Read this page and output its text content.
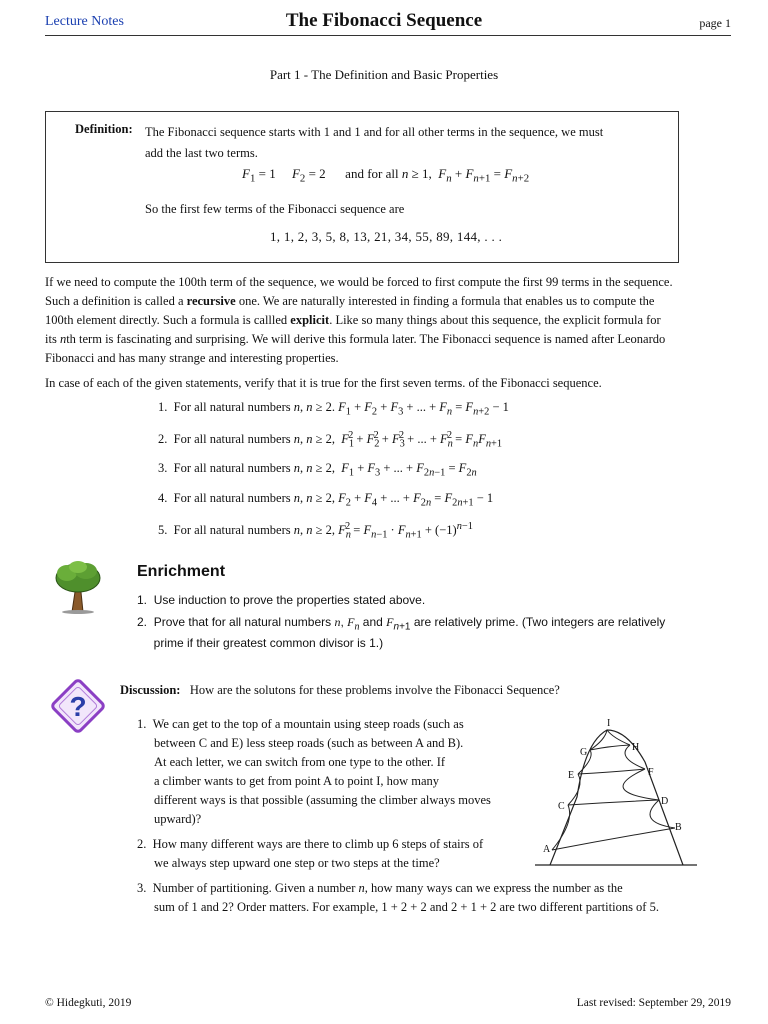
Lecture Notes	The Fibonacci Sequence	page 1
Part 1 - The Definition and Basic Properties
Definition: The Fibonacci sequence starts with 1 and 1 and for all other terms in the sequence, we must
add the last two terms.
$F_1 = 1$     $F_2 = 2$      and for all n ≥ 1,  $F_n + F_{n+1} = F_{n+2}$
So the first few terms of the Fibonacci sequence are
1, 1, 2, 3, 5, 8, 13, 21, 34, 55, 89, 144, . . .
If we need to compute the 100th term of the sequence, we would be forced to first compute the first 99 terms in the sequence.
Such a definition is called a recursive one. We are naturally interested in finding a formula that enables us to compute the
100th element directly. Such a formula is callled explicit. Like so many things about this sequence, the explicit formula for
its nth term is fascinating and surprising. We will derive this formula later. The Fibonacci sequence is named after Leonardo
Fibonacci and has many strange and interesting properties.
In case of each of the given statements, verify that it is true for the first seven terms. of the Fibonacci sequence.
1.  For all natural numbers n, n ≥ 2. $F_1 + F_2 + F_3$ + ... + $F_n = F_{n+2} - 1$
2.  For all natural numbers n, n ≥ 2,  $F_1^2 + F_2^2 + F_3^2$ + ... + $F_n^2 = F_nF_{n+1}$
3.  For all natural numbers n, n ≥ 2,  $F_1 + F_3$ + ... + $F_{2n-1} = F_{2n}$
4.  For all natural numbers n, n ≥ 2, $F_2 + F_4$ + ... + $F_{2n} = F_{2n+1} - 1$
5.  For all natural numbers n, n ≥ 2, $F_n^2 = F_{n-1} \cdot F_{n+1} + (-1)^{n-1}$
Enrichment
1.  Use induction to prove the properties stated above.
2.  Prove that for all natural numbers n, $F_n$ and $F_{n+1}$ are relatively prime. (Two integers are relatively
prime if their greatest common divisor is 1.)
?
Discussion: How are the solutons for these problems involve the Fibonacci Sequence?
1.  We can get to the top of a mountain using steep roads (such as
between C and E) less steep roads (such as between A and B).
At each letter, we can switch from one type to the other. If
a climber wants to get from point A to point I, how many
different ways is that possible (assuming the climber always moves
upward)?
2.  How many different ways are there to climb up 6 steps of stairs of
we always step upward one step or two steps at the time?
3.  Number of partitioning. Given a number n, how many ways can we express the number as the
sum of 1 and 2? Order matters. For example, 1 + 2 + 2 and 2 + 1 + 2 are two different partitions of 5.
A
B
C	D
E	F
G	H
I
© Hidegkuti, 2019	Last revised: September 29, 2019
